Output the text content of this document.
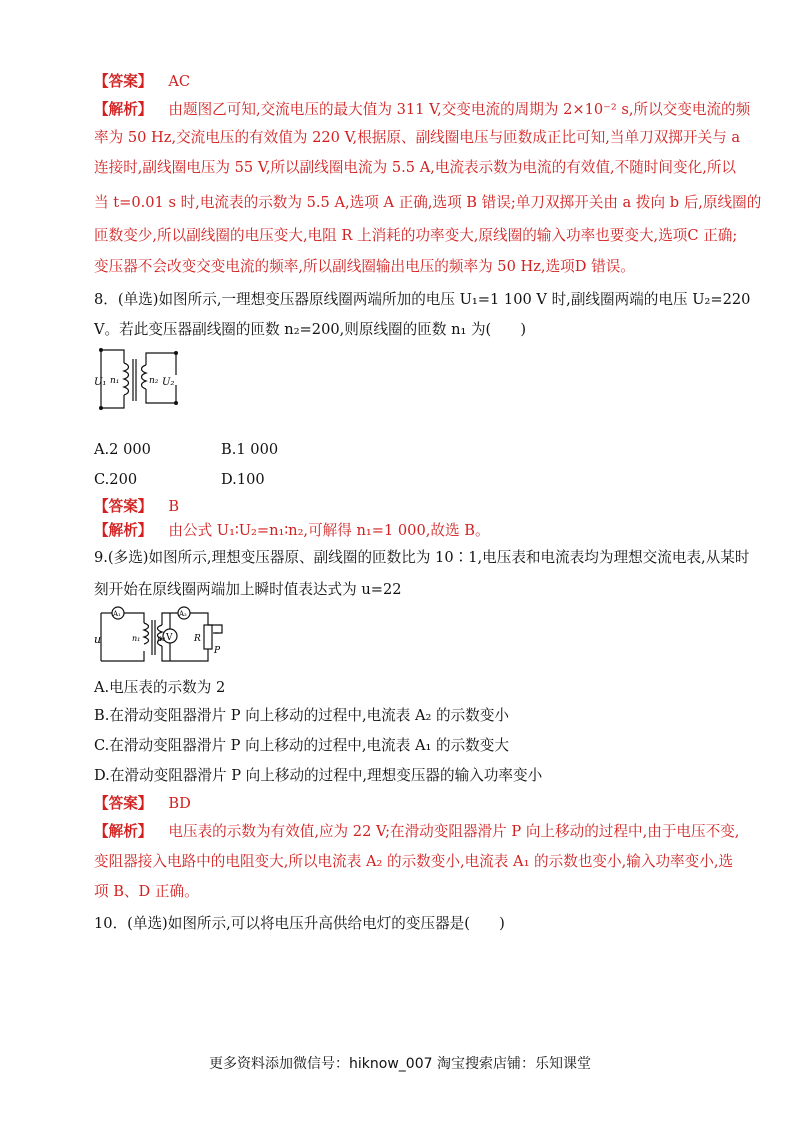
【答案】 AC
【解析】 由题图乙可知,交流电压的最大值为 311 V,交变电流的周期为 2×10⁻² s,所以交变电流的频
率为 50 Hz,交流电压的有效值为 220 V,根据原、副线圈电压与匝数成正比可知,当单刀双掷开关与 a
连接时,副线圈电压为 55 V,所以副线圈电流为 5.5 A,电流表示数为电流的有效值,不随时间变化,所以
当 t=0.01 s 时,电流表的示数为 5.5 A,选项 A 正确,选项 B 错误;单刀双掷开关由 a 拨向 b 后,原线圈的
匝数变少,所以副线圈的电压变大,电阻 R 上消耗的功率变大,原线圈的输入功率也要变大,选项C 正确;
变压器不会改变交变电流的频率,所以副线圈输出电压的频率为 50 Hz,选项D 错误。
8．(单选)如图所示,一理想变压器原线圈两端所加的电压 U₁=1 100 V 时,副线圈两端的电压 U₂=220
V。若此变压器副线圈的匝数 n₂=200,则原线圈的匝数 n₁ 为(　　)
U₁ n₁	n₂ U₂
A.2 000	B.1 000
C.200	D.100
【答案】 B
【解析】 由公式 U₁∶U₂=n₁∶n₂,可解得 n₁=1 000,故选 B。
9.(多选)如图所示,理想变压器原、副线圈的匝数比为 10∶1,电压表和电流表均为理想交流电表,从某时
刻开始在原线圈两端加上瞬时值表达式为 u=22
u
A₁
n₁ n₂ V
A₂
R
P
A.电压表的示数为 2
B.在滑动变阻器滑片 P 向上移动的过程中,电流表 A₂ 的示数变小
C.在滑动变阻器滑片 P 向上移动的过程中,电流表 A₁ 的示数变大
D.在滑动变阻器滑片 P 向上移动的过程中,理想变压器的输入功率变小
【答案】 BD
【解析】 电压表的示数为有效值,应为 22 V;在滑动变阻器滑片 P 向上移动的过程中,由于电压不变,
变阻器接入电路中的电阻变大,所以电流表 A₂ 的示数变小,电流表 A₁ 的示数也变小,输入功率变小,选
项 B、D 正确。
10．(单选)如图所示,可以将电压升高供给电灯的变压器是(　　)
更多资料添加微信号：hiknow_007 淘宝搜索店铺：乐知课堂
